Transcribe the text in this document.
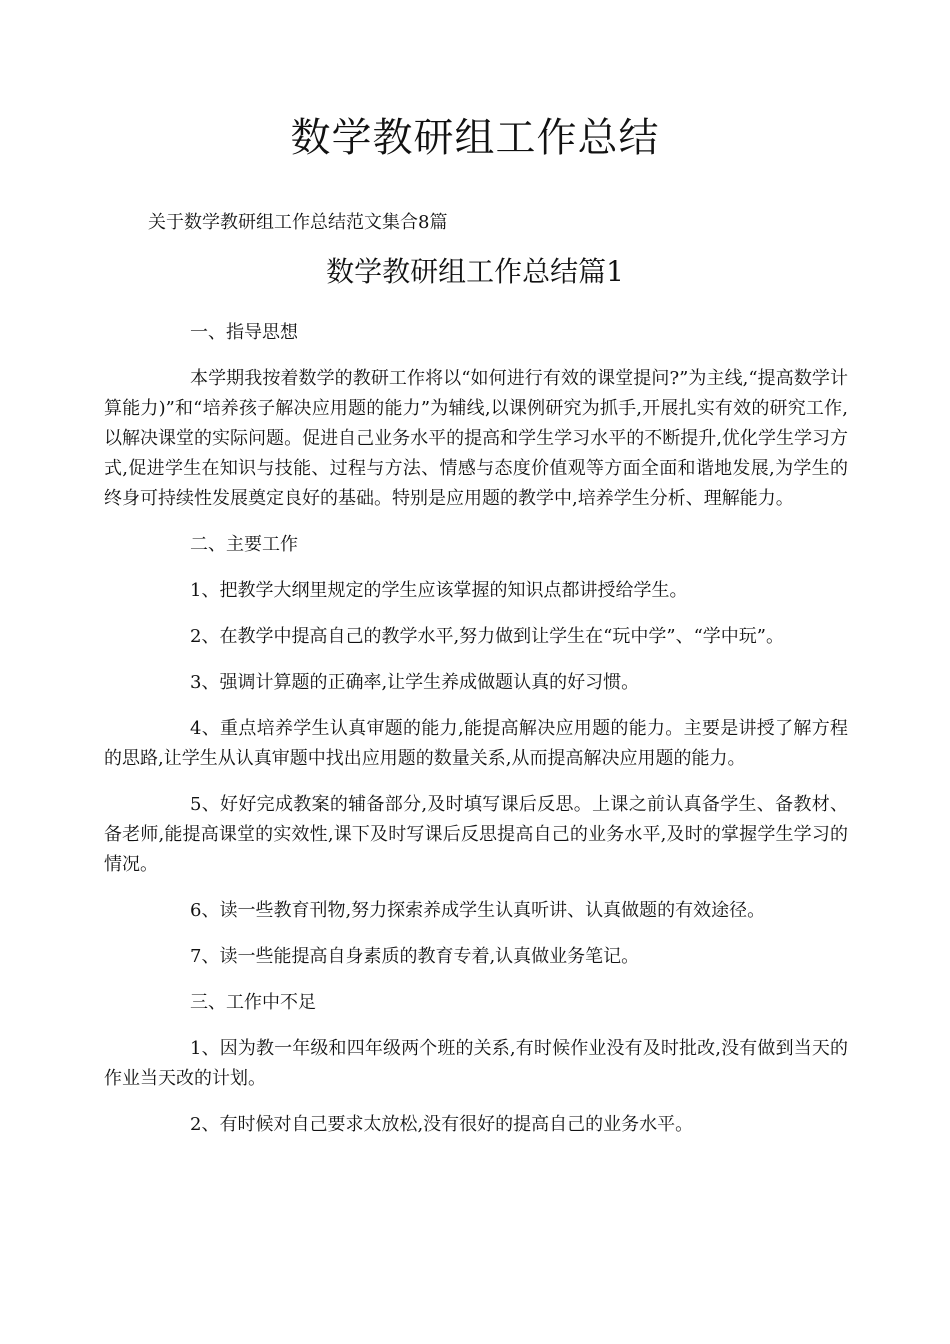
数学教研组工作总结

关于数学教研组工作总结范文集合8篇

数学教研组工作总结篇1

一、指导思想

本学期我按着数学的教研工作将以“如何进行有效的课堂提问?”为主线,“提高数学计算能力)”和“培养孩子解决应用题的能力”为辅线,以课例研究为抓手,开展扎实有效的研究工作,以解决课堂的实际问题。促进自己业务水平的提高和学生学习水平的不断提升,优化学生学习方式,促进学生在知识与技能、过程与方法、情感与态度价值观等方面全面和谐地发展,为学生的终身可持续性发展奠定良好的基础。特别是应用题的教学中,培养学生分析、理解能力。

二、主要工作

1、把教学大纲里规定的学生应该掌握的知识点都讲授给学生。

2、在教学中提高自己的教学水平,努力做到让学生在“玩中学”、“学中玩”。

3、强调计算题的正确率,让学生养成做题认真的好习惯。

4、重点培养学生认真审题的能力,能提高解决应用题的能力。主要是讲授了解方程的思路,让学生从认真审题中找出应用题的数量关系,从而提高解决应用题的能力。

5、好好完成教案的辅备部分,及时填写课后反思。上课之前认真备学生、备教材、备老师,能提高课堂的实效性,课下及时写课后反思提高自己的业务水平,及时的掌握学生学习的情况。

6、读一些教育刊物,努力探索养成学生认真听讲、认真做题的有效途径。

7、读一些能提高自身素质的教育专着,认真做业务笔记。

三、工作中不足

1、因为教一年级和四年级两个班的关系,有时候作业没有及时批改,没有做到当天的作业当天改的计划。

2、有时候对自己要求太放松,没有很好的提高自己的业务水平。
